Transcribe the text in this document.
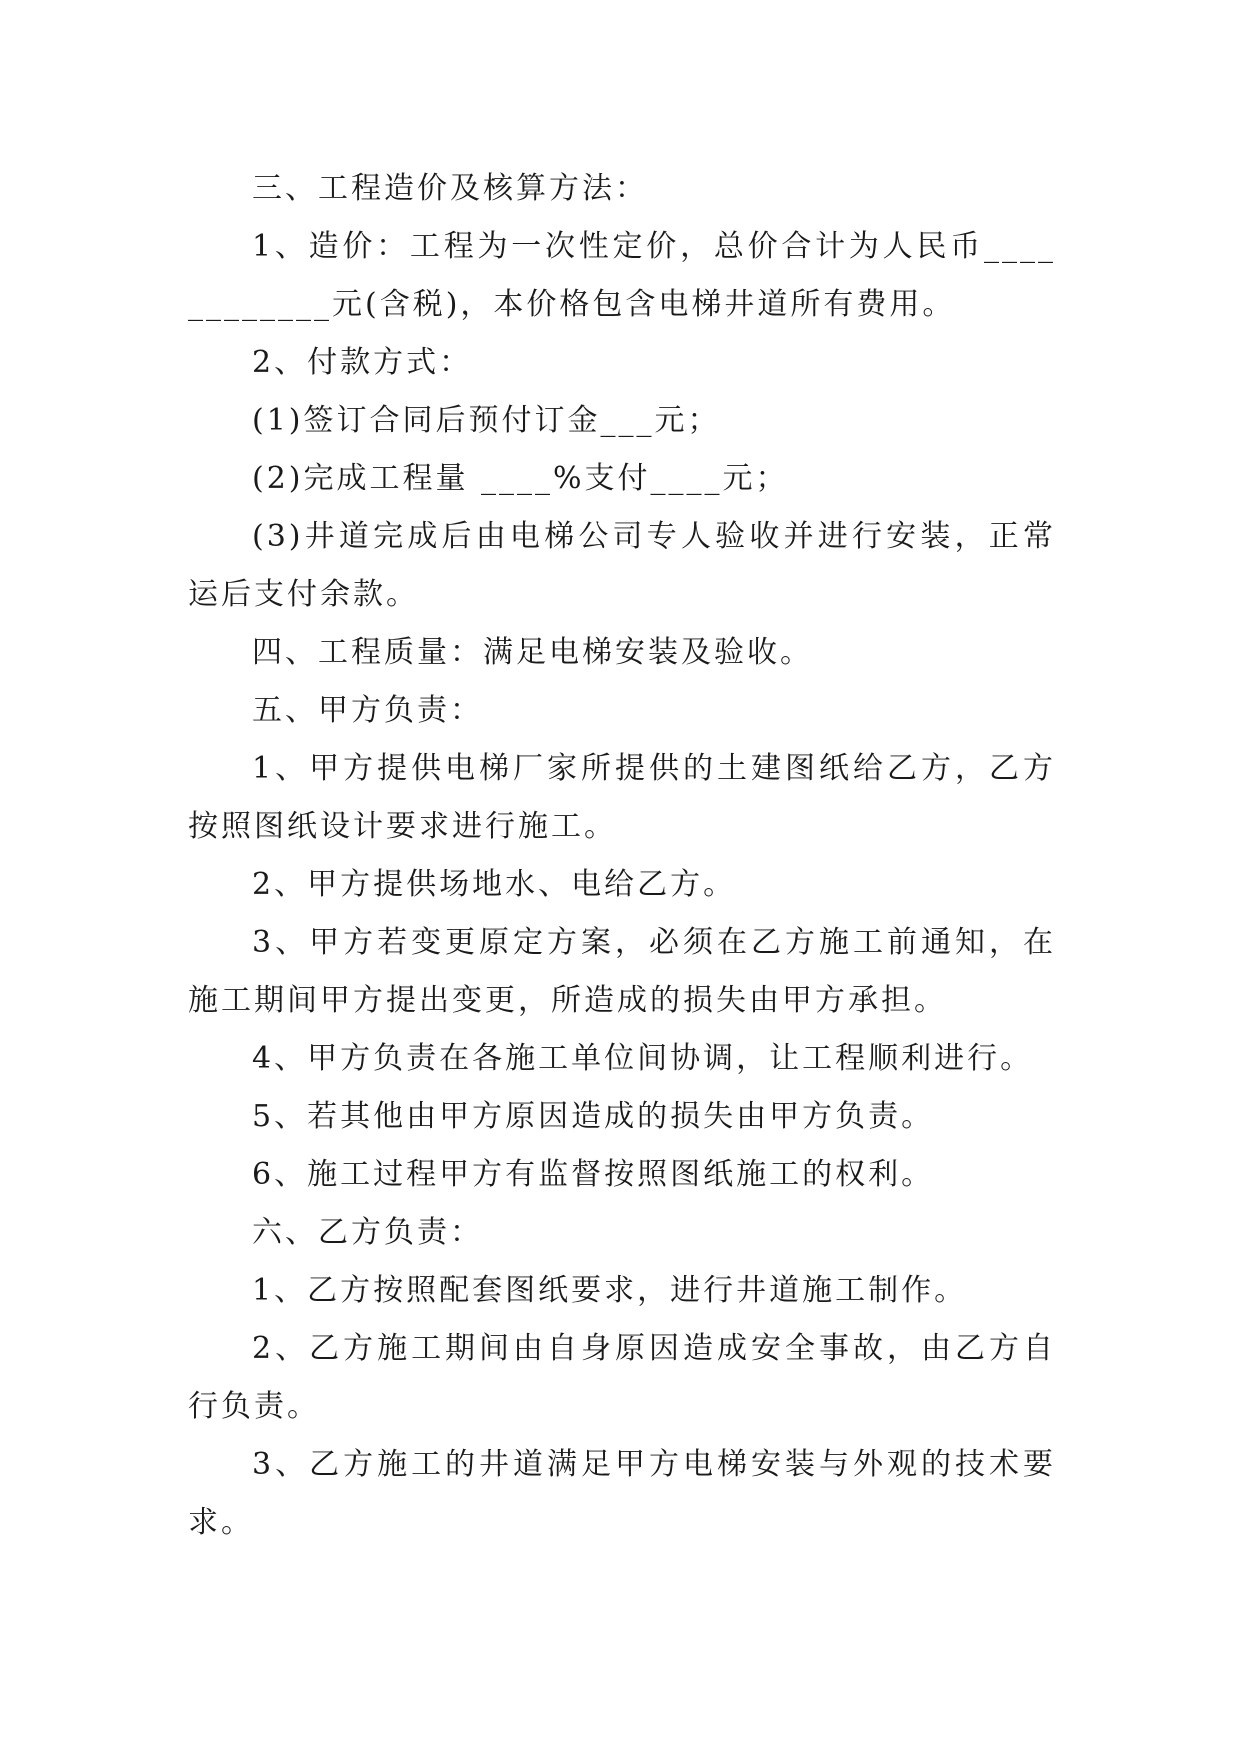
三、工程造价及核算方法：

1、造价：工程为一次性定价，总价合计为人民币____________元(含税)，本价格包含电梯井道所有费用。

2、付款方式：

(1)签订合同后预付订金___元；

(2)完成工程量 ____%支付____元；

(3)井道完成后由电梯公司专人验收并进行安装，正常运后支付余款。

四、工程质量：满足电梯安装及验收。

五、甲方负责：

1、甲方提供电梯厂家所提供的土建图纸给乙方，乙方按照图纸设计要求进行施工。

2、甲方提供场地水、电给乙方。

3、甲方若变更原定方案，必须在乙方施工前通知，在施工期间甲方提出变更，所造成的损失由甲方承担。

4、甲方负责在各施工单位间协调，让工程顺利进行。

5、若其他由甲方原因造成的损失由甲方负责。

6、施工过程甲方有监督按照图纸施工的权利。

六、乙方负责：

1、乙方按照配套图纸要求，进行井道施工制作。

2、乙方施工期间由自身原因造成安全事故，由乙方自行负责。

3、乙方施工的井道满足甲方电梯安装与外观的技术要求。
